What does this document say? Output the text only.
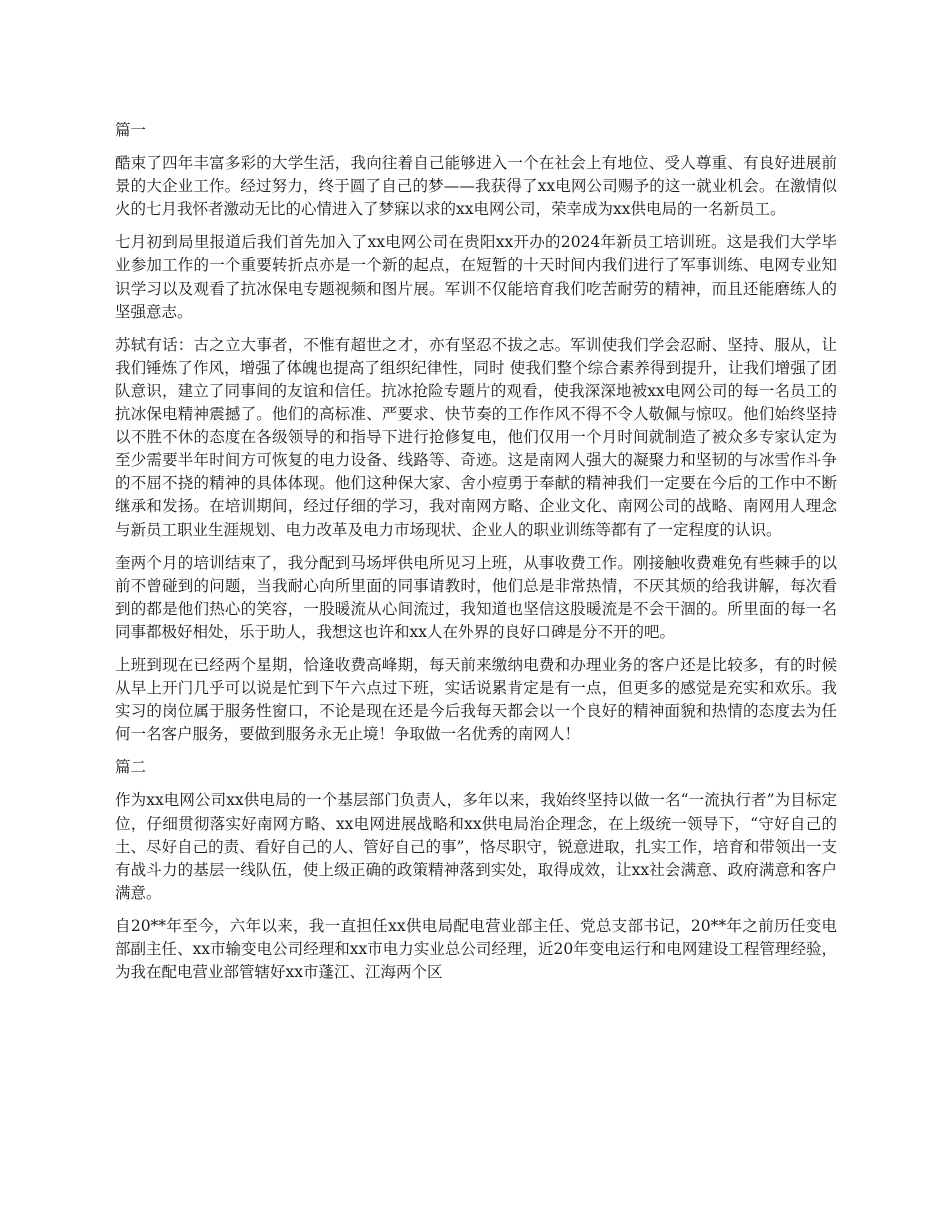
篇一

酷束了四年丰富多彩的大学生活，我向往着自己能够进入一个在社会上有地位、受人尊重、有良好进展前景的大企业工作。经过努力，终于圆了自己的梦——我获得了xx电网公司赐予的这一就业机会。在激情似火的七月我怀者激动无比的心情进入了梦寐以求的xx电网公司，荣幸成为xx供电局的一名新员工。

七月初到局里报道后我们首先加入了xx电网公司在贵阳xx开办的2024年新员工培训班。这是我们大学毕业参加工作的一个重要转折点亦是一个新的起点，在短暂的十天时间内我们进行了军事训练、电网专业知识学习以及观看了抗冰保电专题视频和图片展。军训不仅能培育我们吃苦耐劳的精神，而且还能磨练人的坚强意志。

苏轼有话：古之立大事者，不惟有超世之才，亦有坚忍不拔之志。军训使我们学会忍耐、坚持、服从，让我们锤炼了作风，增强了体魄也提高了组织纪律性，同时 使我们整个综合素养得到提升，让我们增强了团队意识，建立了同事间的友谊和信任。抗冰抢险专题片的观看，使我深深地被xx电网公司的每一名员工的抗冰保电精神震撼了。他们的高标准、严要求、快节奏的工作作风不得不令人敬佩与惊叹。他们始终坚持以不胜不休的态度在各级领导的和指导下进行抢修复电，他们仅用一个月时间就制造了被众多专家认定为至少需要半年时间方可恢复的电力设备、线路等、奇迹。这是南网人强大的凝聚力和坚韧的与冰雪作斗争的不屈不挠的精神的具体体现。他们这种保大家、舍小痘勇于奉献的精神我们一定要在今后的工作中不断继承和发扬。在培训期间，经过仔细的学习，我对南网方略、企业文化、南网公司的战略、南网用人理念与新员工职业生涯规划、电力改革及电力市场现状、企业人的职业训练等都有了一定程度的认识。

奎两个月的培训结束了，我分配到马场坪供电所见习上班，从事收费工作。刚接触收费难免有些棘手的以前不曾碰到的问题，当我耐心向所里面的同事请教时，他们总是非常热情，不厌其烦的给我讲解，每次看到的都是他们热心的笑容，一股暖流从心间流过，我知道也坚信这股暖流是不会干涸的。所里面的每一名同事都极好相处，乐于助人，我想这也许和xx人在外界的良好口碑是分不开的吧。

上班到现在已经两个星期，恰逢收费高峰期，每天前来缴纳电费和办理业务的客户还是比较多，有的时候从早上开门几乎可以说是忙到下午六点过下班，实话说累肯定是有一点，但更多的感觉是充实和欢乐。我实习的岗位属于服务性窗口，不论是现在还是今后我每天都会以一个良好的精神面貌和热情的态度去为任何一名客户服务，要做到服务永无止境！争取做一名优秀的南网人！

篇二

作为xx电网公司xx供电局的一个基层部门负责人，多年以来，我始终坚持以做一名“一流执行者”为目标定位，仔细贯彻落实好南网方略、xx电网进展战略和xx供电局治企理念，在上级统一领导下，“守好自己的土、尽好自己的责、看好自己的人、管好自己的事”，恪尽职守，锐意进取，扎实工作，培育和带领出一支有战斗力的基层一线队伍，使上级正确的政策精神落到实处，取得成效，让xx社会满意、政府满意和客户满意。

自20**年至今，六年以来，我一直担任xx供电局配电营业部主任、党总支部书记，20**年之前历任变电部副主任、xx市输变电公司经理和xx市电力实业总公司经理，近20年变电运行和电网建设工程管理经验，为我在配电营业部管辖好xx市蓬江、江海两个区
